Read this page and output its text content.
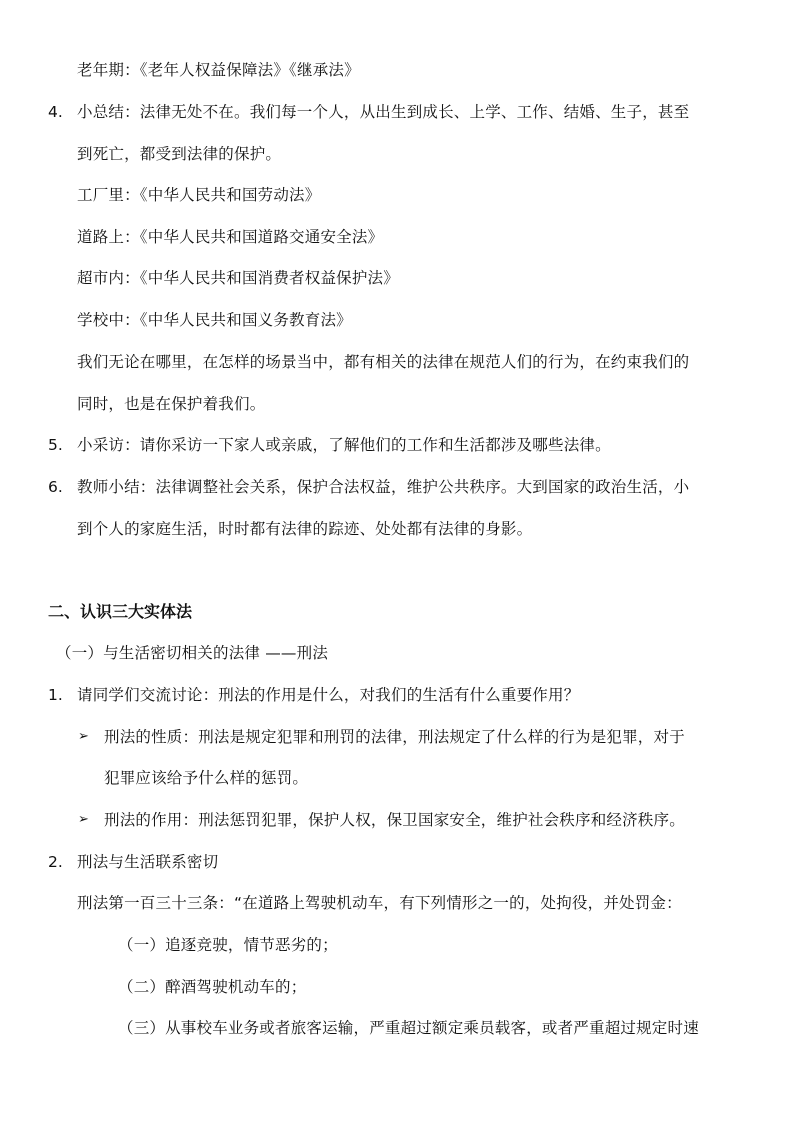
老年期：《老年人权益保障法》《继承法》
4. 小总结：法律无处不在。我们每一个人，从出生到成长、上学、工作、结婚、生子，甚至
到死亡，都受到法律的保护。
工厂里：《中华人民共和国劳动法》
道路上：《中华人民共和国道路交通安全法》
超市内：《中华人民共和国消费者权益保护法》
学校中：《中华人民共和国义务教育法》
我们无论在哪里，在怎样的场景当中，都有相关的法律在规范人们的行为，在约束我们的
同时，也是在保护着我们。
5. 小采访：请你采访一下家人或亲戚，了解他们的工作和生活都涉及哪些法律。
6. 教师小结：法律调整社会关系，保护合法权益，维护公共秩序。大到国家的政治生活，小
到个人的家庭生活，时时都有法律的踪迹、处处都有法律的身影。
二、认识三大实体法
（一）与生活密切相关的法律 ——刑法
1. 请同学们交流讨论：刑法的作用是什么，对我们的生活有什么重要作用？
➢ 刑法的性质：刑法是规定犯罪和刑罚的法律，刑法规定了什么样的行为是犯罪，对于
犯罪应该给予什么样的惩罚。
➢ 刑法的作用：刑法惩罚犯罪，保护人权，保卫国家安全，维护社会秩序和经济秩序。
2. 刑法与生活联系密切
刑法第一百三十三条：“在道路上驾驶机动车，有下列情形之一的，处拘役，并处罚金：
（一）追逐竞驶，情节恶劣的；
（二）醉酒驾驶机动车的；
（三）从事校车业务或者旅客运输，严重超过额定乘员载客，或者严重超过规定时速
